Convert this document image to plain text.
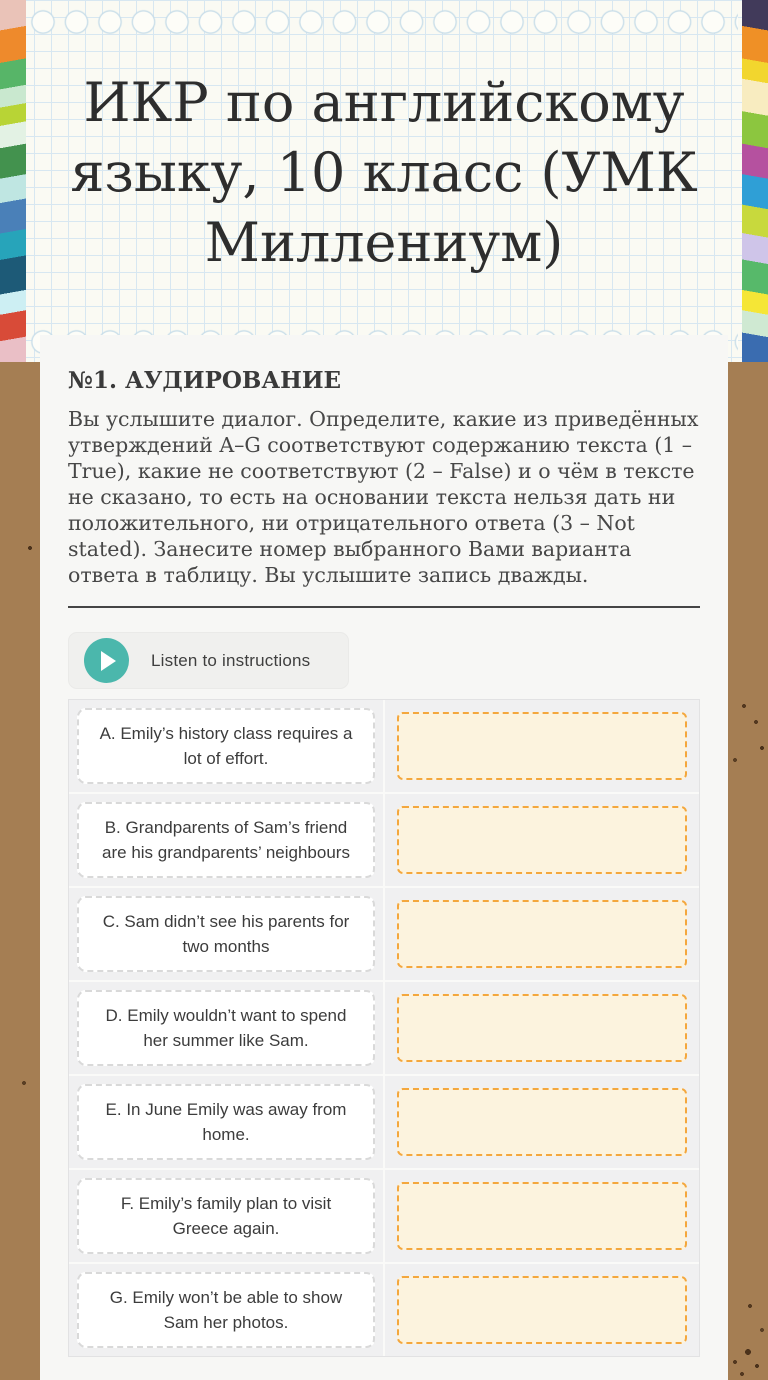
ИКР по английскому языку, 10 класс (УМК Миллениум)
№1. АУДИРОВАНИЕ

Вы услышите диалог. Определите, какие из приведённых утверждений A–G соответствуют содержанию текста (1 – True), какие не соответствуют (2 – False) и о чём в тексте не сказано, то есть на основании текста нельзя дать ни положительного, ни отрицательного ответа (3 – Not stated). Занесите номер выбранного Вами варианта ответа в таблицу. Вы услышите запись дважды.

Listen to instructions
A. Emily’s history class requires a lot of effort.
B. Grandparents of Sam’s friend are his grandparents’ neighbours
C. Sam didn’t see his parents for two months
D. Emily wouldn’t want to spend her summer like Sam.
E. In June Emily was away from home.
F. Emily’s family plan to visit Greece again.
G. Emily won’t be able to show Sam her photos.
